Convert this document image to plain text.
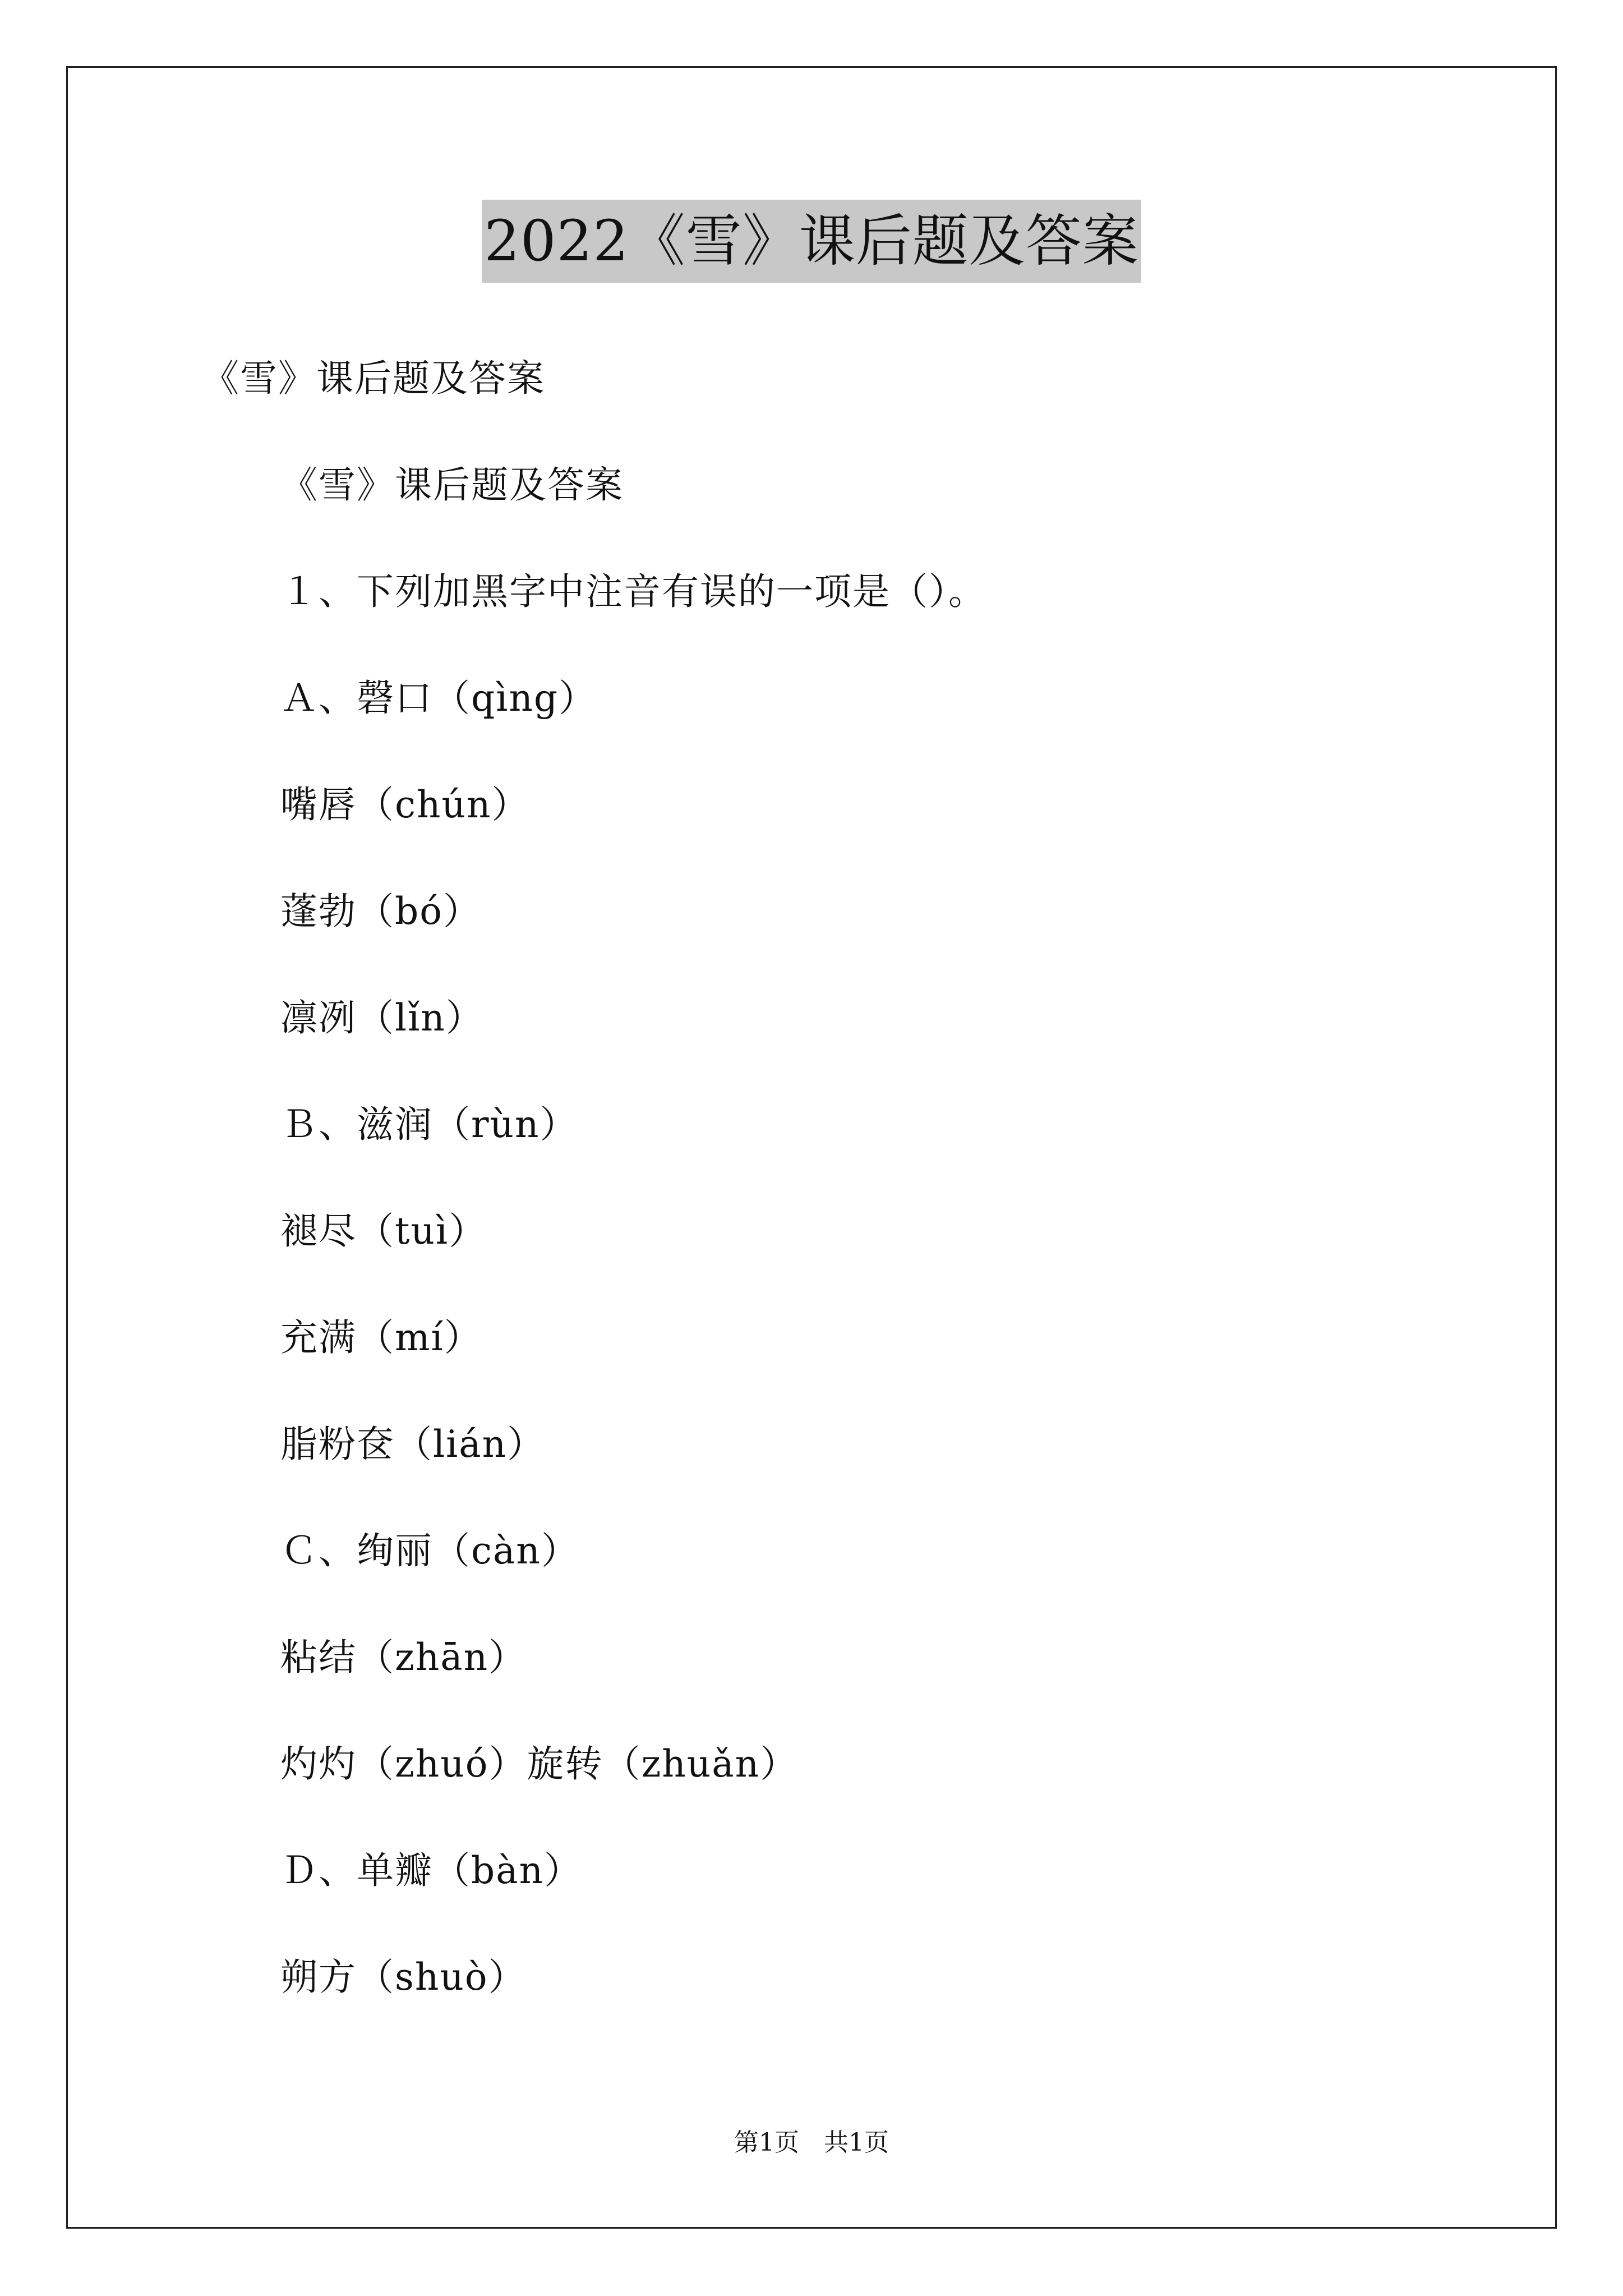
2022《雪》课后题及答案
《雪》课后题及答案
《雪》课后题及答案
１、下列加黑字中注音有误的一项是（）。
Ａ、磬口（qìng）
嘴唇（chún）
蓬勃（bó）
凛冽（lǐn）
Ｂ、滋润（rùn）
褪尽（tuì）
充满（mí）
脂粉奁（lián）
Ｃ、绚丽（càn）
粘结（zhān）
灼灼（zhuó）旋转（zhuǎn）
Ｄ、单瓣（bàn）
朔方（shuò）
第1页　共1页
